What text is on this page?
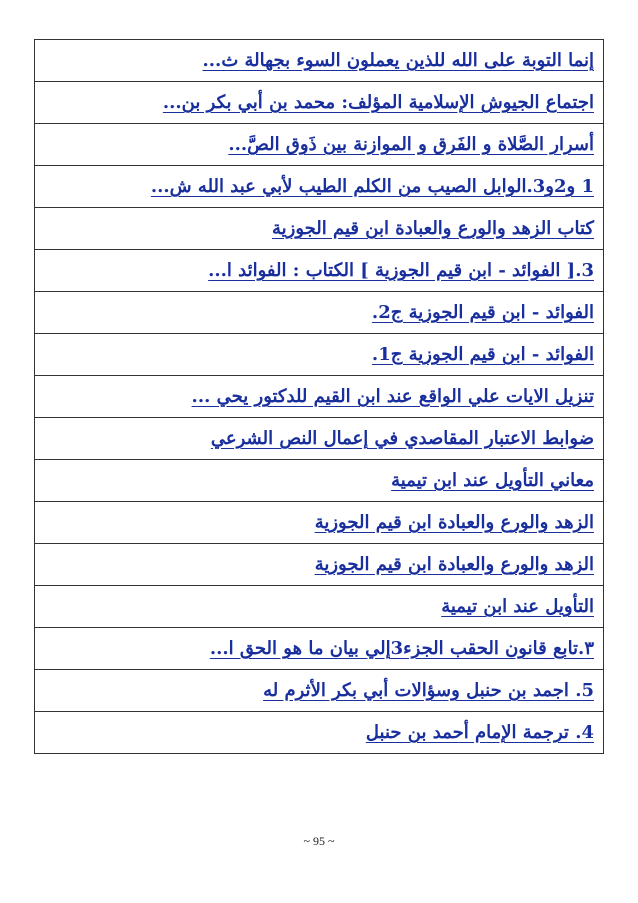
إنما التوبة على الله للذين يعملون السوء بجهالة ث...
اجتماع الجيوش الإسلامية المؤلف: محمد بن أبي بكر بن...
أسرار الصَّلاة و الفَرق و الموازنة بين ذَوق الصَّ...
1 و2و3.الوابل الصيب من الكلم الطيب لأبي عبد الله ش...
كتاب الزهد والورع والعبادة ابن قيم الجوزية
3.[ الفوائد - ابن قيم الجوزية ] الكتاب : الفوائد ا...
الفوائد - ابن قيم الجوزية ج2.
الفوائد - ابن قيم الجوزية ج1.
تنزيل الايات علي الواقع عند ابن القيم للدكتور يحي ...
ضوابط الاعتبار المقاصدي في إعمال النص الشرعي
معاني التأويل عند ابن تيمية
الزهد والورع والعبادة ابن قيم الجوزية
الزهد والورع والعبادة ابن قيم الجوزية
التأويل عند ابن تيمية
٣.تابع قانون الحقب الجزء3إلي بيان ما هو الحق ا...
5. اجمد بن حنبل وسؤالات أبي بكر الأثرم له
4. ترجمة الإمام أحمد بن حنبل
~ 95 ~
